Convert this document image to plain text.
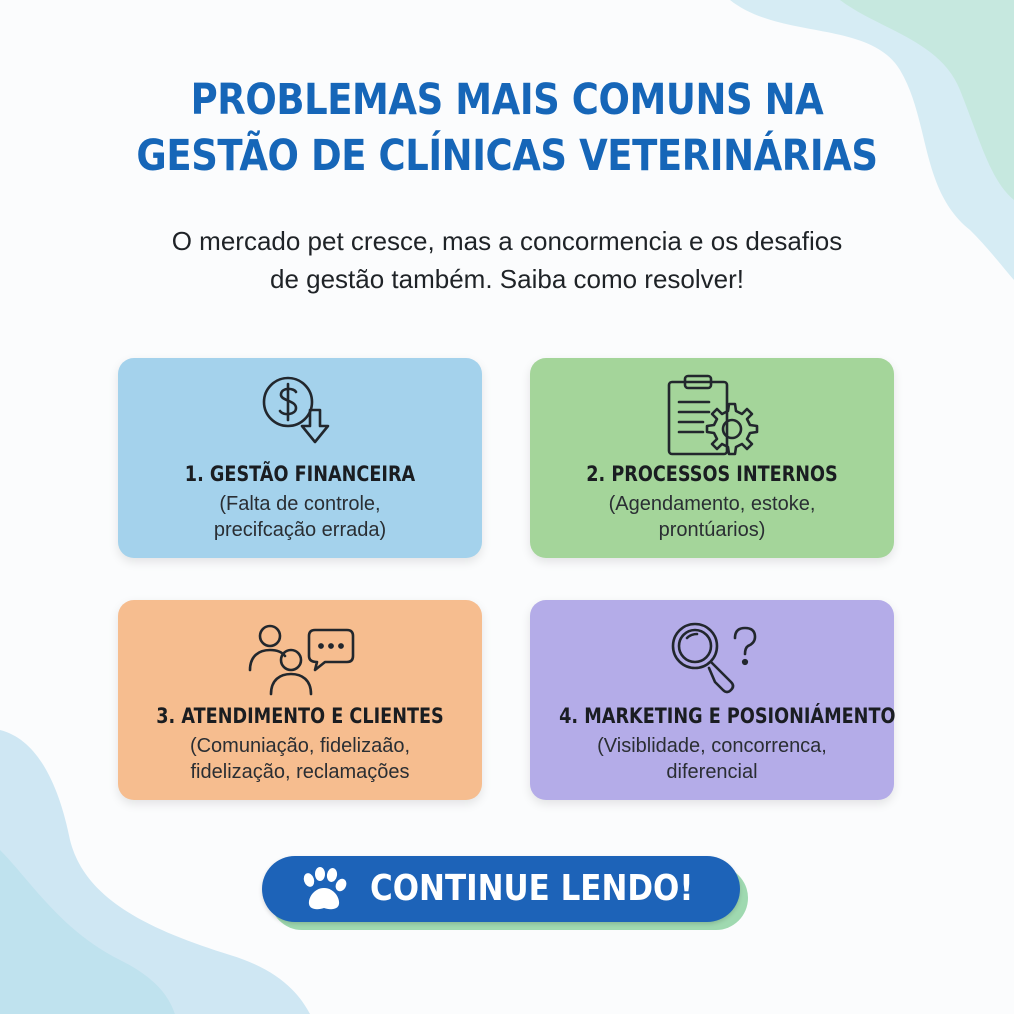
PROBLEMAS MAIS COMUNS NA
GESTÃO DE CLÍNICAS VETERINÁRIAS

O mercado pet cresce, mas a concormencia e os desafios
de gestão também. Saiba como resolver!

1. GESTÃO FINANCEIRA
(Falta de controle,
precifcação errada)
2. PROCESSOS INTERNOS
(Agendamento, estoke,
prontúarios)
3. ATENDIMENTO E CLIENTES
(Comuniação, fidelizaão,
fidelização, reclamações
4. MARKETING E POSIONIÁMENTO
(Visiblidade, concorrenca,
diferencial
CONTINUE LENDO!
